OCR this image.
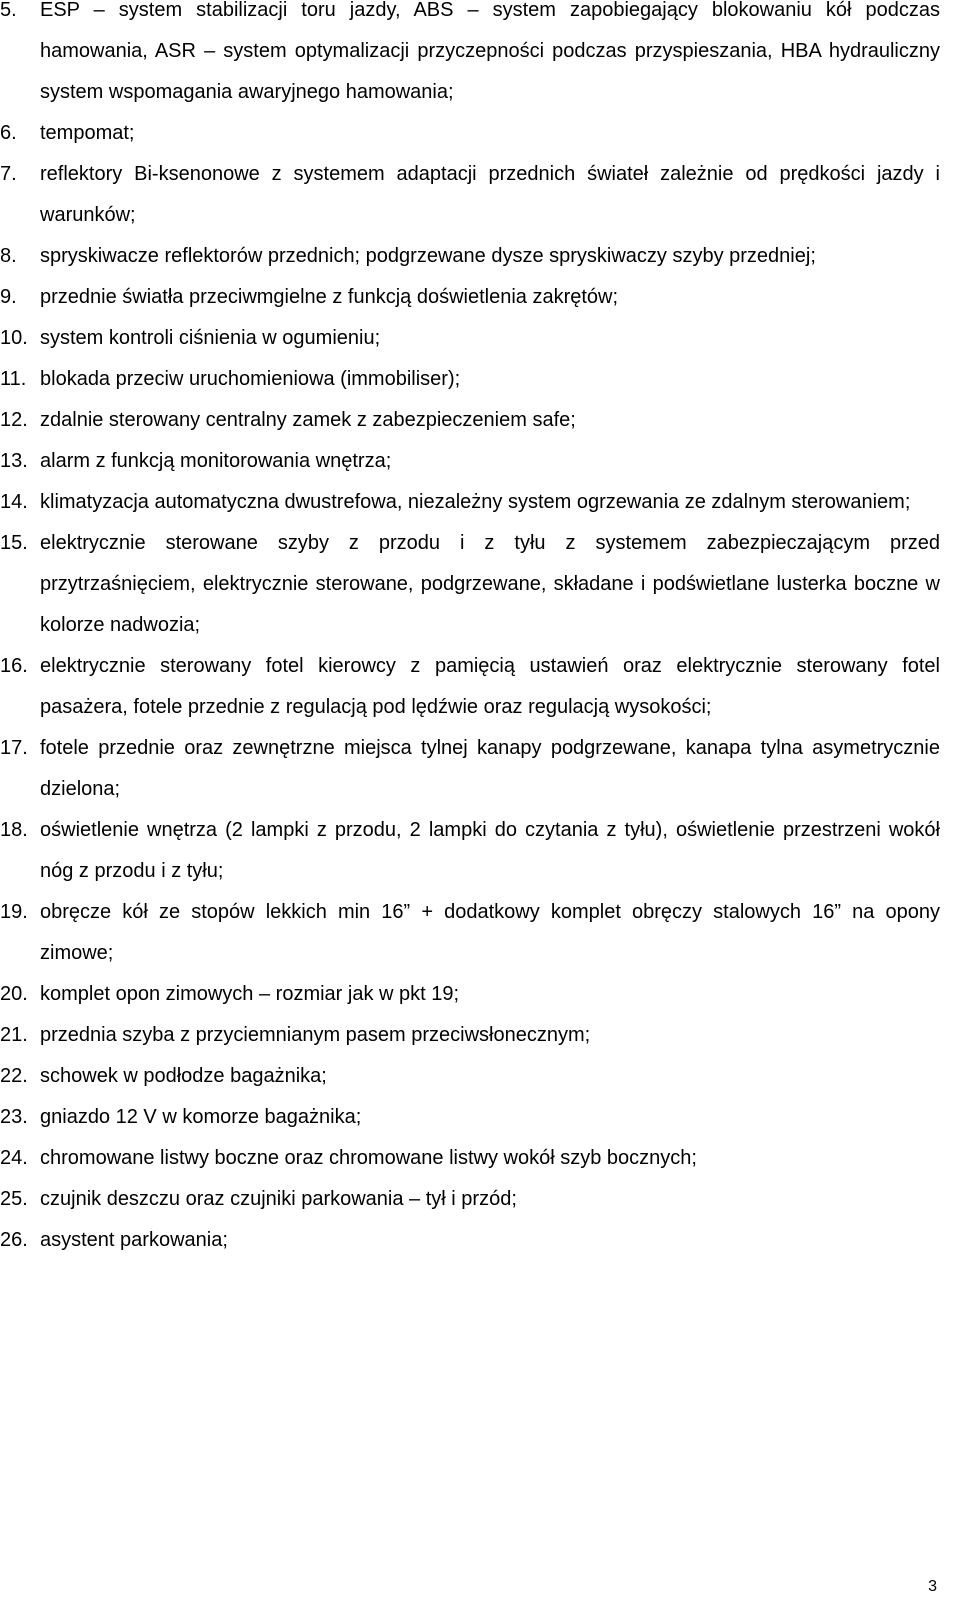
5.	ESP – system stabilizacji toru jazdy, ABS – system zapobiegający blokowaniu kół podczas hamowania, ASR – system optymalizacji przyczepności podczas przyspieszania, HBA hydrauliczny system wspomagania awaryjnego hamowania;
6.	tempomat;
7.	reflektory Bi-ksenonowe z systemem adaptacji przednich świateł zależnie od prędkości jazdy i warunków;
8.	spryskiwacze reflektorów przednich; podgrzewane dysze spryskiwaczy szyby przedniej;
9.	przednie światła przeciwmgielne z funkcją doświetlenia zakrętów;
10. system kontroli ciśnienia w ogumieniu;
11. blokada przeciw uruchomieniowa (immobiliser);
12. zdalnie sterowany centralny zamek z zabezpieczeniem safe;
13. alarm z funkcją monitorowania wnętrza;
14. klimatyzacja automatyczna dwustrefowa, niezależny system ogrzewania ze zdalnym sterowaniem;
15. elektrycznie sterowane szyby z przodu i z tyłu z systemem zabezpieczającym przed przytrzaśnięciem, elektrycznie sterowane, podgrzewane, składane i podświetlane lusterka boczne w kolorze nadwozia;
16. elektrycznie sterowany fotel kierowcy z pamięcią ustawień oraz elektrycznie sterowany fotel pasażera, fotele przednie z regulacją pod lędźwie oraz regulacją wysokości;
17. fotele przednie oraz zewnętrzne miejsca tylnej kanapy podgrzewane, kanapa tylna asymetrycznie dzielona;
18. oświetlenie wnętrza (2 lampki z przodu, 2 lampki do czytania z tyłu), oświetlenie przestrzeni wokół nóg z przodu i z tyłu;
19. obręcze kół ze stopów lekkich min 16” + dodatkowy komplet obręczy stalowych 16” na opony zimowe;
20. komplet opon zimowych – rozmiar jak w pkt 19;
21. przednia szyba z przyciemnianym pasem przeciwsłonecznym;
22. schowek w podłodze bagażnika;
23. gniazdo 12 V w komorze bagażnika;
24. chromowane listwy boczne oraz chromowane listwy wokół szyb bocznych;
25. czujnik deszczu oraz czujniki parkowania – tył i przód;
26. asystent parkowania;
3
